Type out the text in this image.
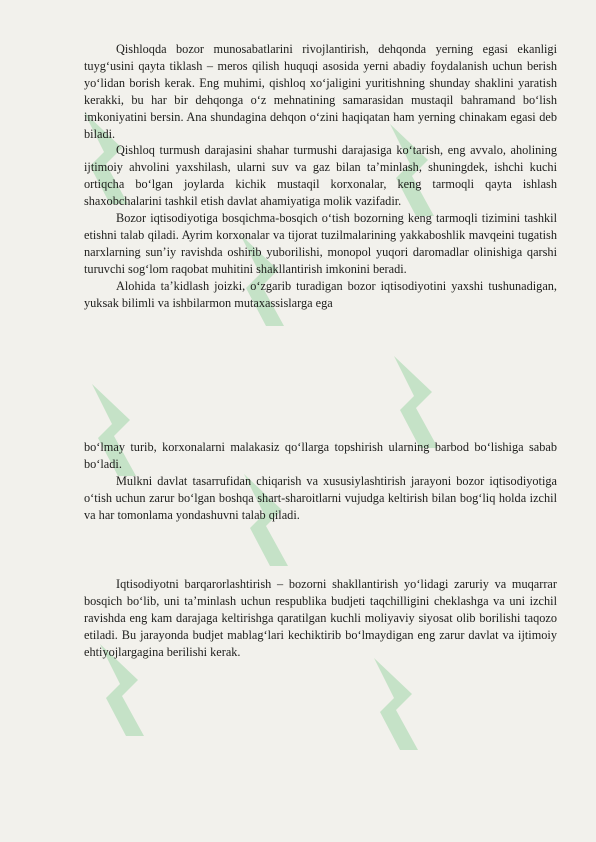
Qishloqda bozor munosabatlarini rivojlantirish, dehqonda yerning egasi ekanligi tuyg‘usini qayta tiklash – meros qilish huquqi asosida yerni abadiy foydalanish uchun berish yo‘lidan borish kerak. Eng muhimi, qishloq xo‘jaligini yuritishning shunday shaklini yaratish kerakki, bu har bir dehqonga o‘z mehnatining samarasidan mustaqil bahramand bo‘lish imkoniyatini bersin. Ana shundagina dehqon o‘zini haqiqatan ham yerning chinakam egasi deb biladi.

Qishloq turmush darajasini shahar turmushi darajasiga ko‘tarish, eng avvalo, aholining ijtimoiy ahvolini yaxshilash, ularni suv va gaz bilan ta’minlash, shuningdek, ishchi kuchi ortiqcha bo‘lgan joylarda kichik mustaqil korxonalar, keng tarmoqli qayta ishlash shaxobchalarini tashkil etish davlat ahamiyatiga molik vazifadir.

Bozor iqtisodiyotiga bosqichma-bosqich o‘tish bozorning keng tarmoqli tizimini tashkil etishni talab qiladi. Ayrim korxonalar va tijorat tuzilmalarining yakkaboshlik mavqeini tugatish narxlarning sun’iy ravishda oshirib yuborilishi, monopol yuqori daromadlar olinishiga qarshi turuvchi sog‘lom raqobat muhitini shakllantirish imkonini beradi.

Alohida ta’kidlash joizki, o‘zgarib turadigan bozor iqtisodiyotini yaxshi tushunadigan, yuksak bilimli va ishbilarmon mutaxassislarga ega

bo‘lmay turib, korxonalarni malakasiz qo‘llarga topshirish ularning barbod bo‘lishiga sabab bo‘ladi.

Mulkni davlat tasarrufidan chiqarish va xususiylashtirish jarayoni bozor iqtisodiyotiga o‘tish uchun zarur bo‘lgan boshqa shart-sharoitlarni vujudga keltirish bilan bog‘liq holda izchil va har tomonlama yondashuvni talab qiladi.

Iqtisodiyotni barqarorlashtirish – bozorni shakllantirish yo‘lidagi zaruriy va muqarrar bosqich bo‘lib, uni ta’minlash uchun respublika budjeti taqchilligini cheklashga va uni izchil ravishda eng kam darajaga keltirishga qaratilgan kuchli moliyaviy siyosat olib borilishi taqozo etiladi. Bu jarayonda budjet mablag‘lari kechiktirib bo‘lmaydigan eng zarur davlat va ijtimoiy ehtiyojlargagina berilishi kerak.
